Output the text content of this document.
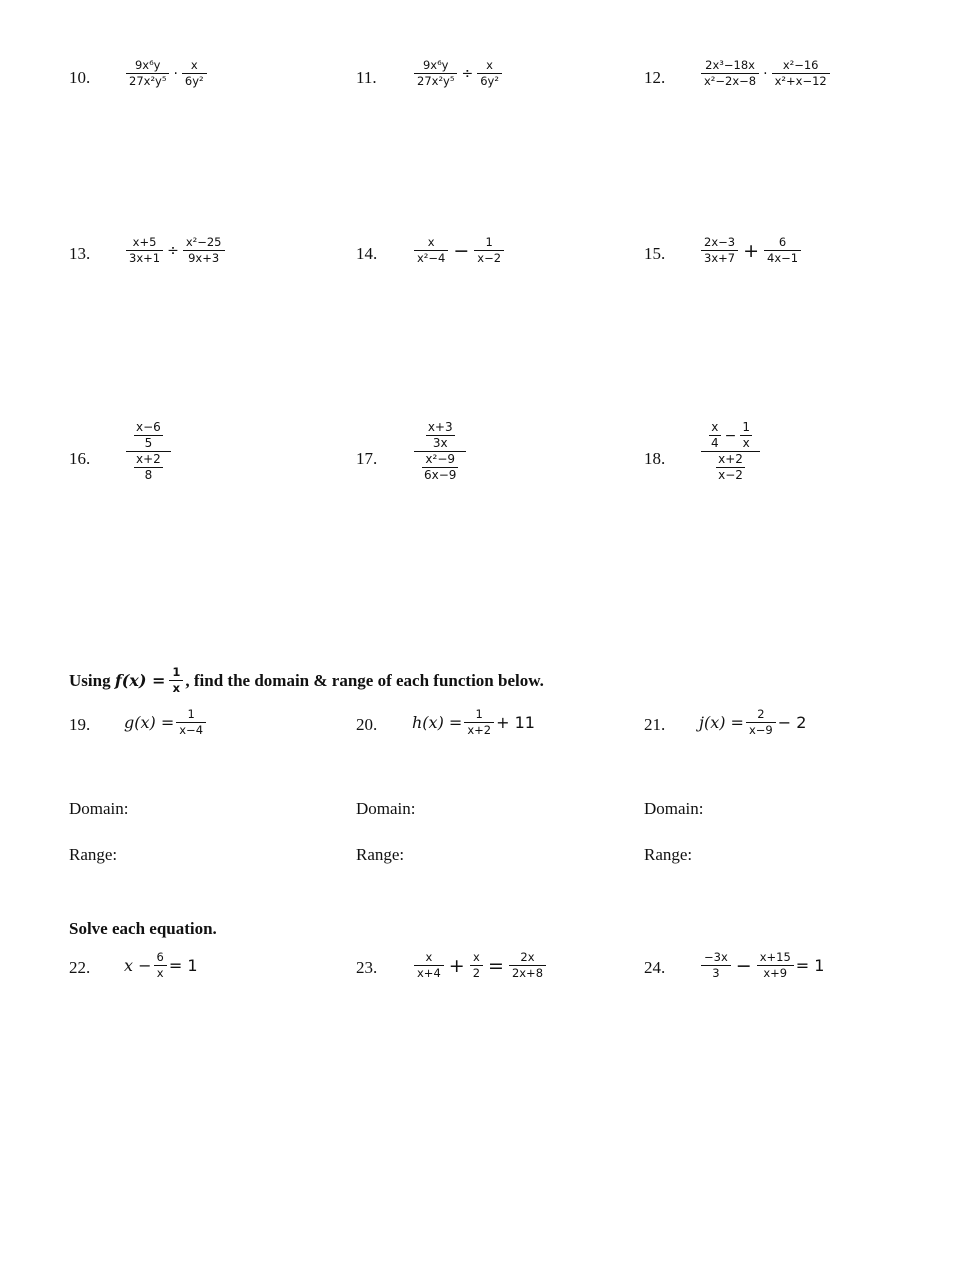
10.	$\frac{\text{9x⁶y}}{\text{27x²y⁵}} \cdot \frac{x}{\text{6y²}}$	11.	$\frac{\text{9x⁶y}}{\text{27x²y⁵}} \div \frac{x}{\text{6y²}}$	12.	$\frac{\text{2x³−18x}}{\text{x²−2x−8}} \cdot \frac{\text{x²−16}}{\text{x²+x−12}}$
13.	$\frac{x+5}{3x+1} \div \frac{\text{x²−25}}{9x+3}$	14.	$\frac{x}{\text{x²−4}} - \frac{1}{x-2}$	15.	$\frac{2x-3}{3x+7} + \frac{6}{4x-1}$
16.	$\frac{\frac{x-6}{5}}{\frac{x+2}{8}}$	17.	$\frac{\frac{x+3}{3x}}{\frac{\text{x²−9}}{6x-9}}$	18.	$\frac{\frac{x}{4} - \frac{1}{x}}{\frac{x+2}{x-2}}$
Using $f(x) = \frac{1}{x}$ , find the domain & range of each function below.
19. $g(x) = \frac{1}{x-4}$	20. $h(x) = \frac{1}{x+2} + 11$	21. $j(x) = \frac{2}{x-9} - 2$
Domain:	Domain:	Domain:
Range:	Range:	Range:
Solve each equation.
22. $x - \frac{6}{x} = 1$	23.	$\frac{x}{x+4} + \frac{x}{2} = \frac{2x}{2x+8}$	24.	$\frac{-3x}{3} - \frac{x+15}{x+9} = 1$
